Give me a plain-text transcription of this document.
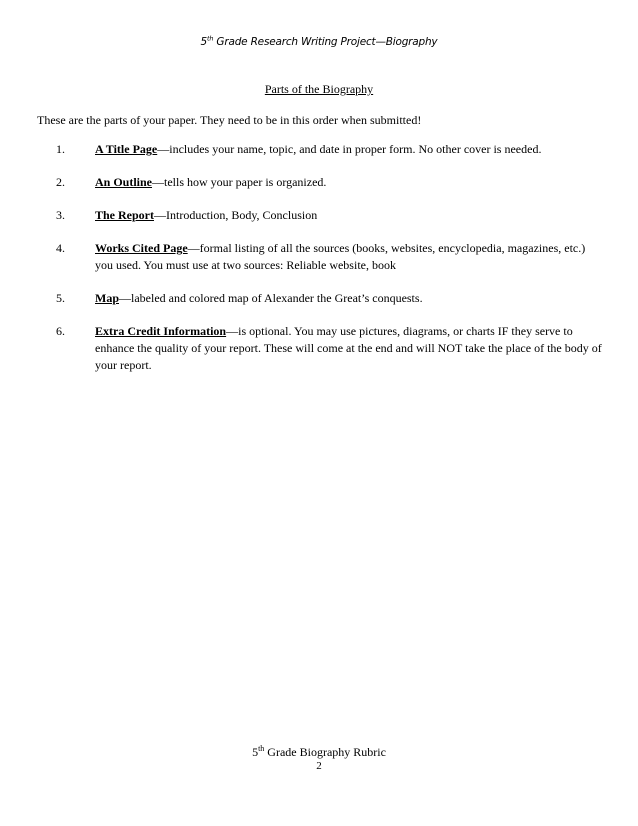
5th Grade Research Writing Project—Biography
Parts of the Biography
These are the parts of your paper. They need to be in this order when submitted!
1.	A Title Page—includes your name, topic, and date in proper form. No other cover is needed.
2.	An Outline—tells how your paper is organized.
3.	The Report—Introduction, Body, Conclusion
4.	Works Cited Page—formal listing of all the sources (books, websites, encyclopedia, magazines, etc.) you used. You must use at two sources: Reliable website, book
5.	Map—labeled and colored map of Alexander the Great’s conquests.
6.	Extra Credit Information—is optional. You may use pictures, diagrams, or charts IF they serve to enhance the quality of your report. These will come at the end and will NOT take the place of the body of your report.
5th Grade Biography Rubric
2
